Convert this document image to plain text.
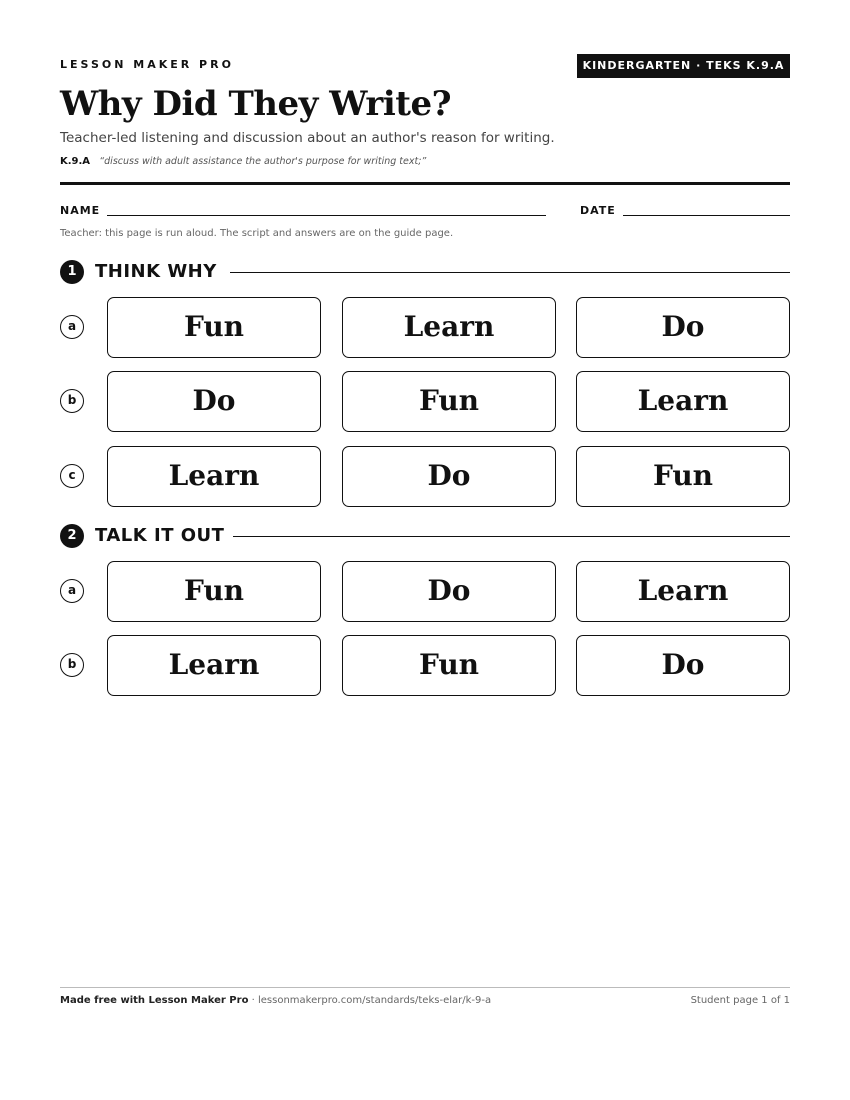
LESSON MAKER PRO	KINDERGARTEN · TEKS K.9.A
Why Did They Write?
Teacher-led listening and discussion about an author's reason for writing.
K.9.A “discuss with adult assistance the author's purpose for writing text;”
NAME	DATE
Teacher: this page is run aloud. The script and answers are on the guide page.
1	THINK WHY
a	Fun	Learn	Do
b	Do	Fun	Learn
c	Learn	Do	Fun
2	TALK IT OUT
a	Fun	Do	Learn
b	Learn	Fun	Do
Made free with Lesson Maker Pro · lessonmakerpro.com/standards/teks-elar/k-9-a	Student page 1 of 1
